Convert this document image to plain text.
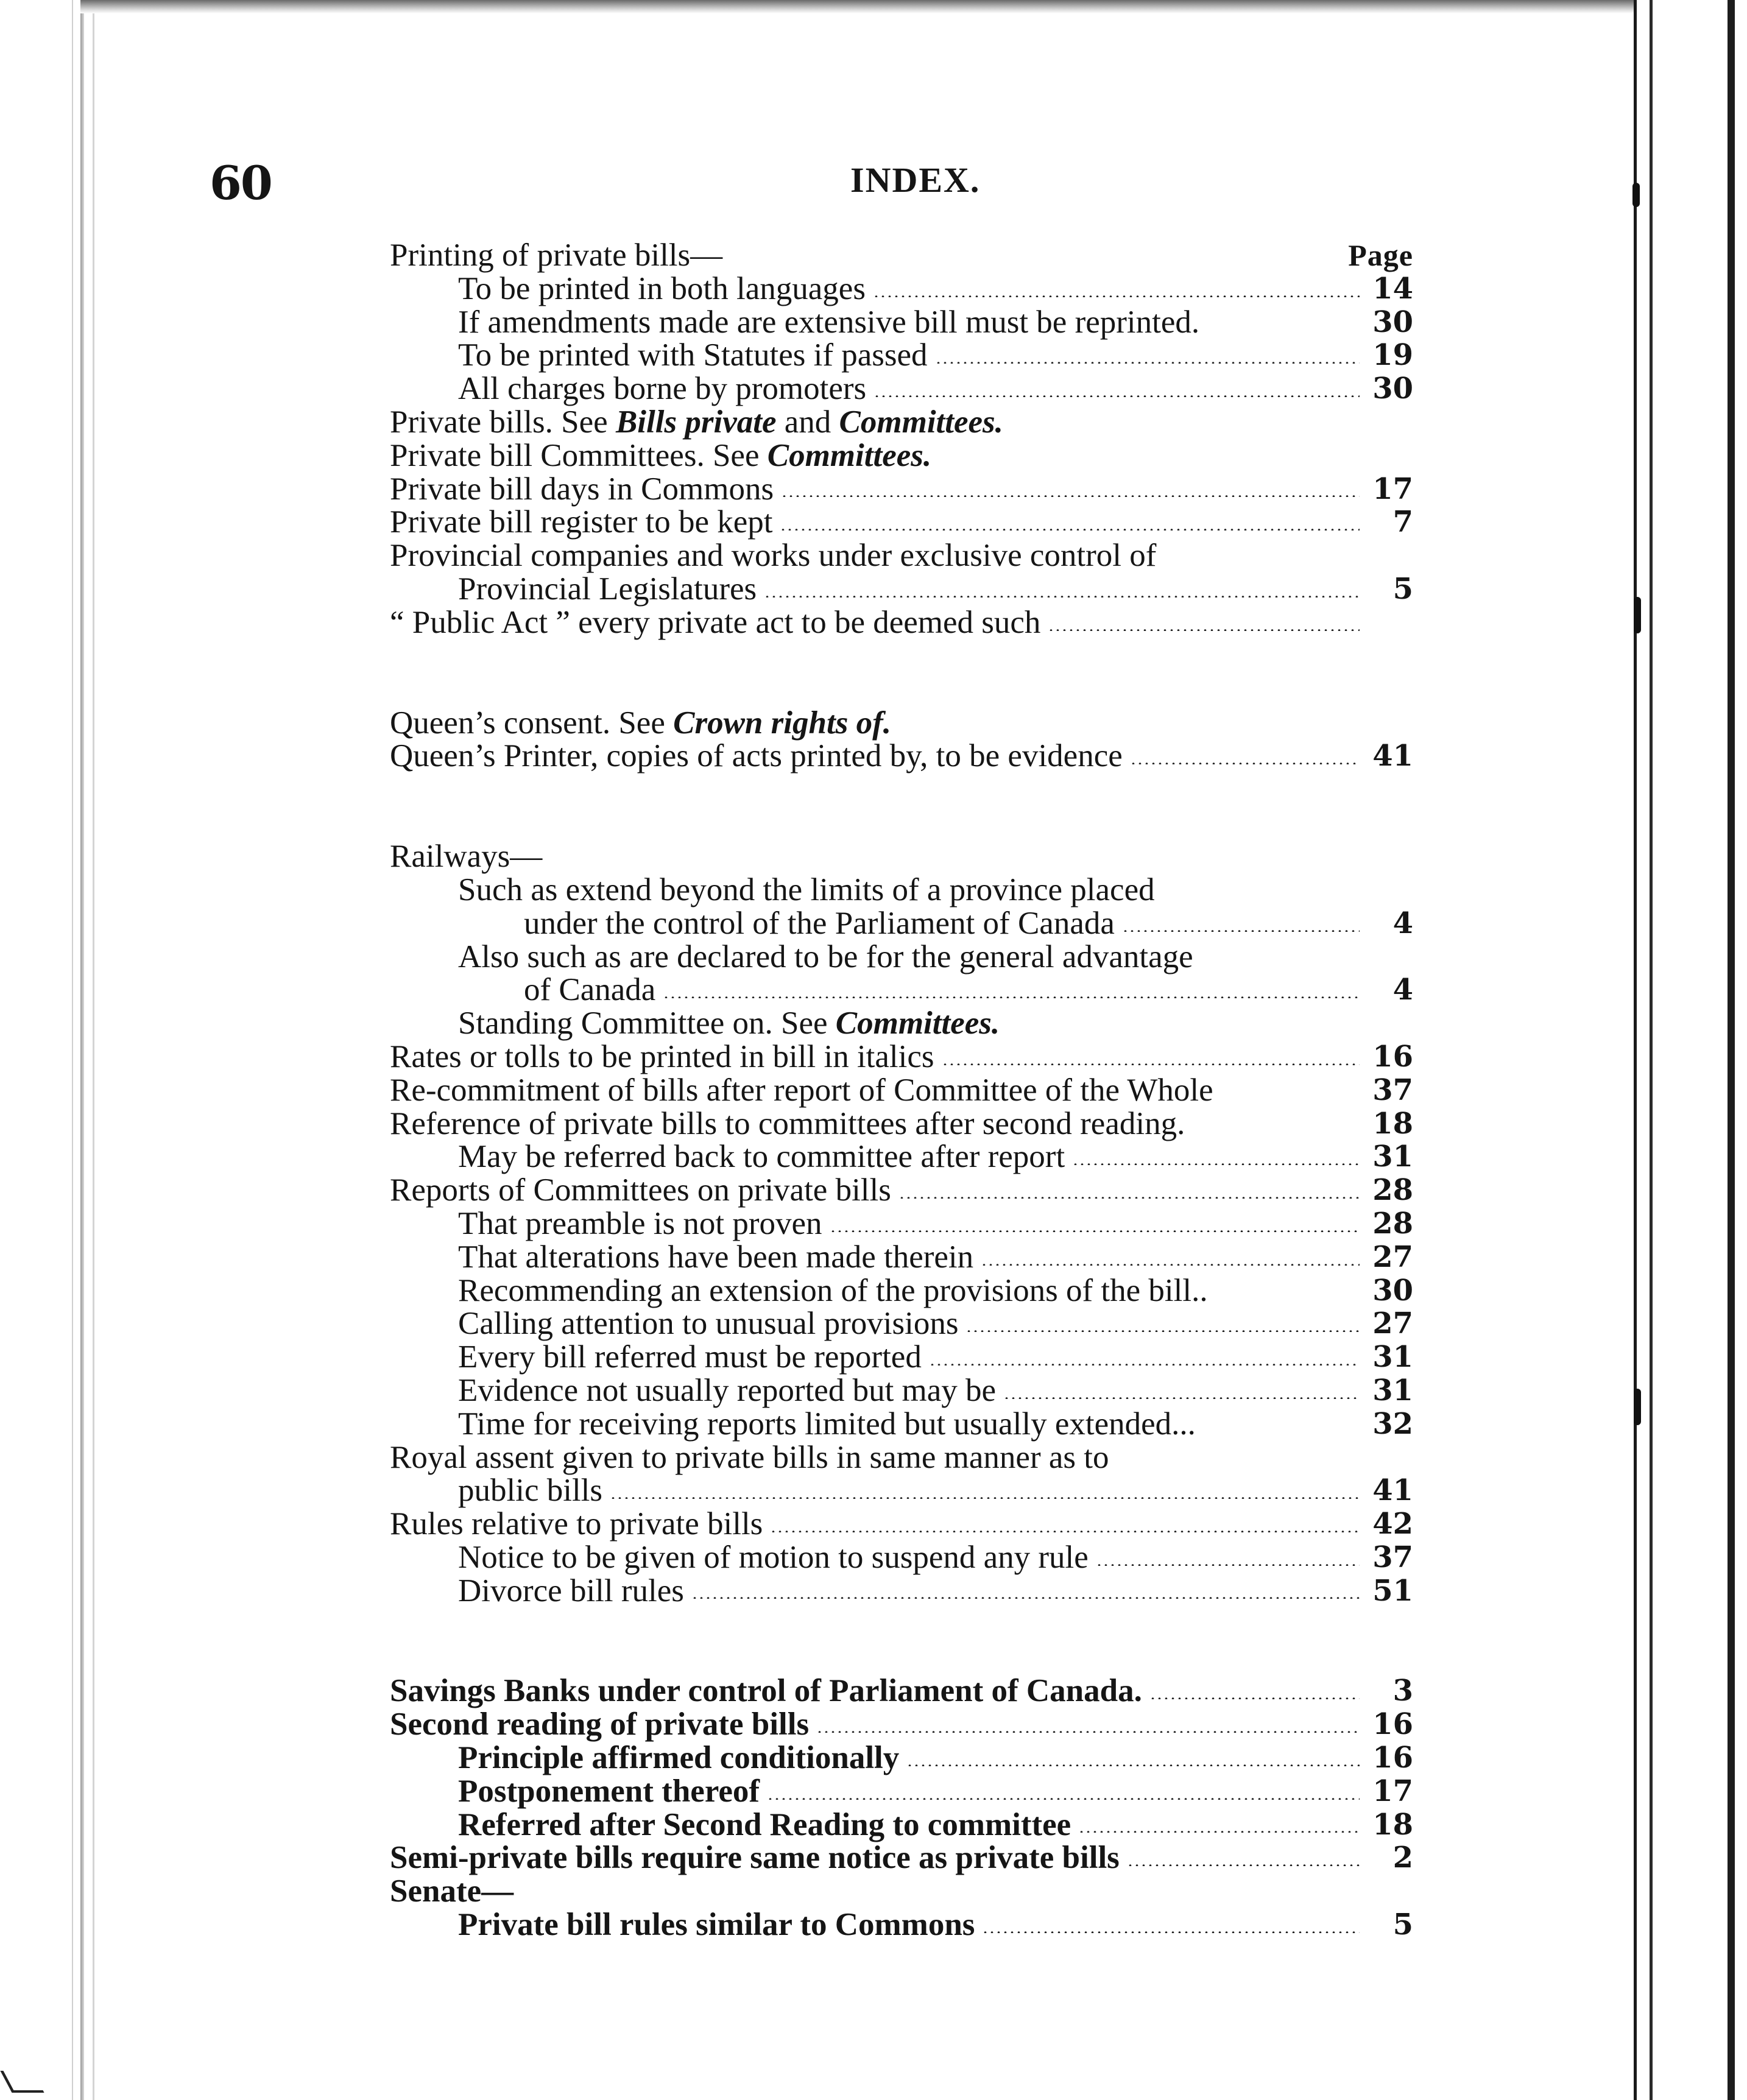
60	INDEX.
Printing of private bills—	Page
To be printed in both languages	14
If amendments made are extensive bill must be reprinted.	30
To be printed with Statutes if passed	19
All charges borne by promoters	30
Private bills. See Bills private and Committees.
Private bill Committees. See Committees.
Private bill days in Commons	17
Private bill register to be kept	7
Provincial companies and works under exclusive control of
Provincial Legislatures	5
“ Public Act ” every private act to be deemed such
Queen’s consent. See Crown rights of.
Queen’s Printer, copies of acts printed by, to be evidence	41
Railways—
Such as extend beyond the limits of a province placed
under the control of the Parliament of Canada	4
Also such as are declared to be for the general advantage
of Canada	4
Standing Committee on. See Committees.
Rates or tolls to be printed in bill in italics	16
Re-commitment of bills after report of Committee of the Whole	37
Reference of private bills to committees after second reading.	18
May be referred back to committee after report	31
Reports of Committees on private bills	28
That preamble is not proven	28
That alterations have been made therein	27
Recommending an extension of the provisions of the bill..	30
Calling attention to unusual provisions	27
Every bill referred must be reported	31
Evidence not usually reported but may be	31
Time for receiving reports limited but usually extended...	32
Royal assent given to private bills in same manner as to
public bills	41
Rules relative to private bills	42
Notice to be given of motion to suspend any rule	37
Divorce bill rules	51
Savings Banks under control of Parliament of Canada.	3
Second reading of private bills	16
Principle affirmed conditionally	16
Postponement thereof	17
Referred after Second Reading to committee	18
Semi-private bills require same notice as private bills	2
Senate—
Private bill rules similar to Commons	5
